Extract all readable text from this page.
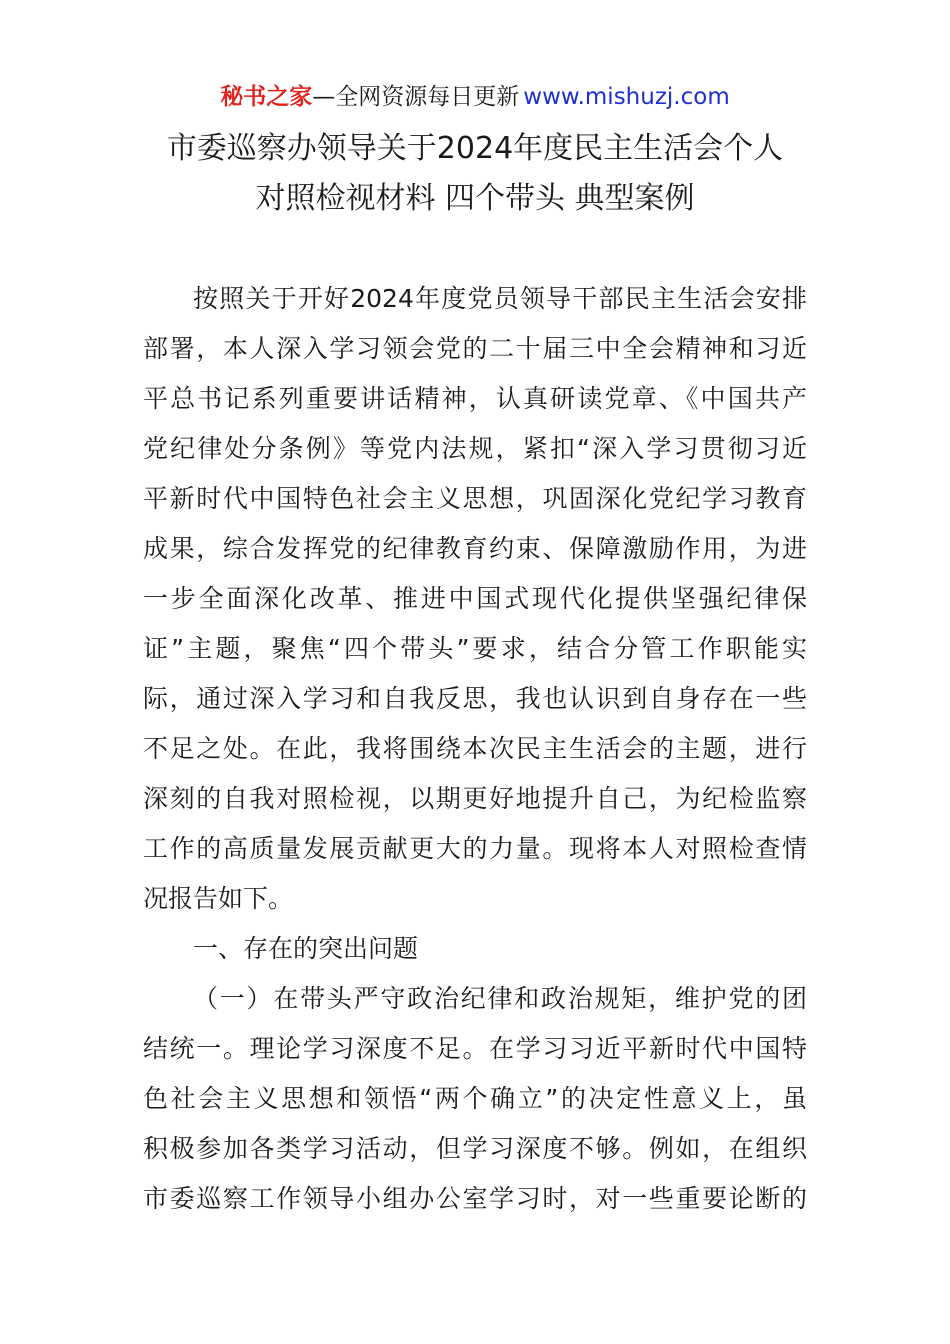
秘书之家—全网资源每日更新 www.mishuzj.com
市委巡察办领导关于2024年度民主生活会个人
对照检视材料 四个带头 典型案例
按照关于开好2024年度党员领导干部民主生活会安排
部署，本人深入学习领会党的二十届三中全会精神和习近
平总书记系列重要讲话精神，认真研读党章、《中国共产
党纪律处分条例》等党内法规，紧扣“深入学习贯彻习近
平新时代中国特色社会主义思想，巩固深化党纪学习教育
成果，综合发挥党的纪律教育约束、保障激励作用，为进
一步全面深化改革、推进中国式现代化提供坚强纪律保
证”主题，聚焦“四个带头”要求，结合分管工作职能实
际，通过深入学习和自我反思，我也认识到自身存在一些
不足之处。在此，我将围绕本次民主生活会的主题，进行
深刻的自我对照检视，以期更好地提升自己，为纪检监察
工作的高质量发展贡献更大的力量。现将本人对照检查情
况报告如下。
一、存在的突出问题
（一）在带头严守政治纪律和政治规矩，维护党的团
结统一。理论学习深度不足。在学习习近平新时代中国特
色社会主义思想和领悟“两个确立”的决定性意义上，虽
积极参加各类学习活动，但学习深度不够。例如，在组织
市委巡察工作领导小组办公室学习时，对一些重要论断的
